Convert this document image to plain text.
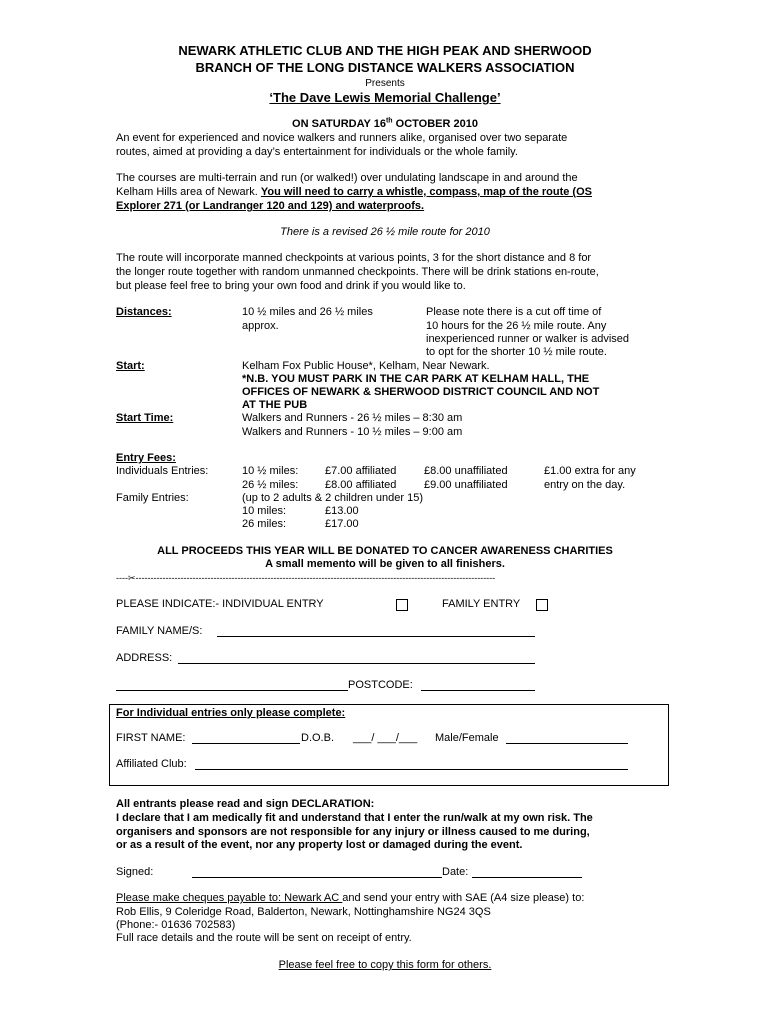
NEWARK ATHLETIC CLUB AND THE HIGH PEAK AND SHERWOOD
BRANCH OF THE LONG DISTANCE WALKERS ASSOCIATION
Presents
‘The Dave Lewis Memorial Challenge’
ON SATURDAY 16th OCTOBER 2010
An event for experienced and novice walkers and runners alike, organised over two separate
routes, aimed at providing a day’s entertainment for individuals or the whole family.
The courses are multi-terrain and run (or walked!) over undulating landscape in and around the
Kelham Hills area of Newark. You will need to carry a whistle, compass, map of the route (OS
Explorer 271 (or Landranger 120 and 129) and waterproofs.
There is a revised 26 ½ mile route for 2010
The route will incorporate manned checkpoints at various points, 3 for the short distance and 8 for
the longer route together with random unmanned checkpoints. There will be drink stations en-route,
but please feel free to bring your own food and drink if you would like to.
Distances:	10 ½ miles and 26 ½ miles
approx.
Please note there is a cut off time of
10 hours for the 26 ½ mile route. Any
inexperienced runner or walker is advised
to opt for the shorter 10 ½ mile route.
Start:	Kelham Fox Public House*, Kelham, Near Newark.
*N.B. YOU MUST PARK IN THE CAR PARK AT KELHAM HALL, THE
OFFICES OF NEWARK & SHERWOOD DISTRICT COUNCIL AND NOT
AT THE PUB
Start Time:	Walkers and Runners - 26 ½ miles – 8:30 am
Walkers and Runners - 10 ½ miles – 9:00 am
Entry Fees:
Individuals Entries:	10 ½ miles: £7.00 affiliated	£8.00 unaffiliated	£1.00 extra for any
26 ½ miles: £8.00 affiliated	£9.00 unaffiliated	entry on the day.
Family Entries:	(up to 2 adults & 2 children under 15)
10 miles:	£13.00
26 miles:	£17.00
ALL PROCEEDS THIS YEAR WILL BE DONATED TO CANCER AWARENESS CHARITIES
A small memento will be given to all finishers.
----✂------------------------------------------------------------------------------------------------------------------------
PLEASE INDICATE:- INDIVIDUAL ENTRY	FAMILY ENTRY
FAMILY NAME/S:
ADDRESS:
POSTCODE:
For Individual entries only please complete:
FIRST NAME:	D.O.B. ___/ ___/___ Male/Female
Affiliated Club:
All entrants please read and sign DECLARATION:
I declare that I am medically fit and understand that I enter the run/walk at my own risk. The
organisers and sponsors are not responsible for any injury or illness caused to me during,
or as a result of the event, nor any property lost or damaged during the event.
Signed:	Date:
Please make cheques payable to: Newark AC and send your entry with SAE (A4 size please) to:
Rob Ellis, 9 Coleridge Road, Balderton, Newark, Nottinghamshire NG24 3QS
(Phone:- 01636 702583)
Full race details and the route will be sent on receipt of entry.
Please feel free to copy this form for others.
